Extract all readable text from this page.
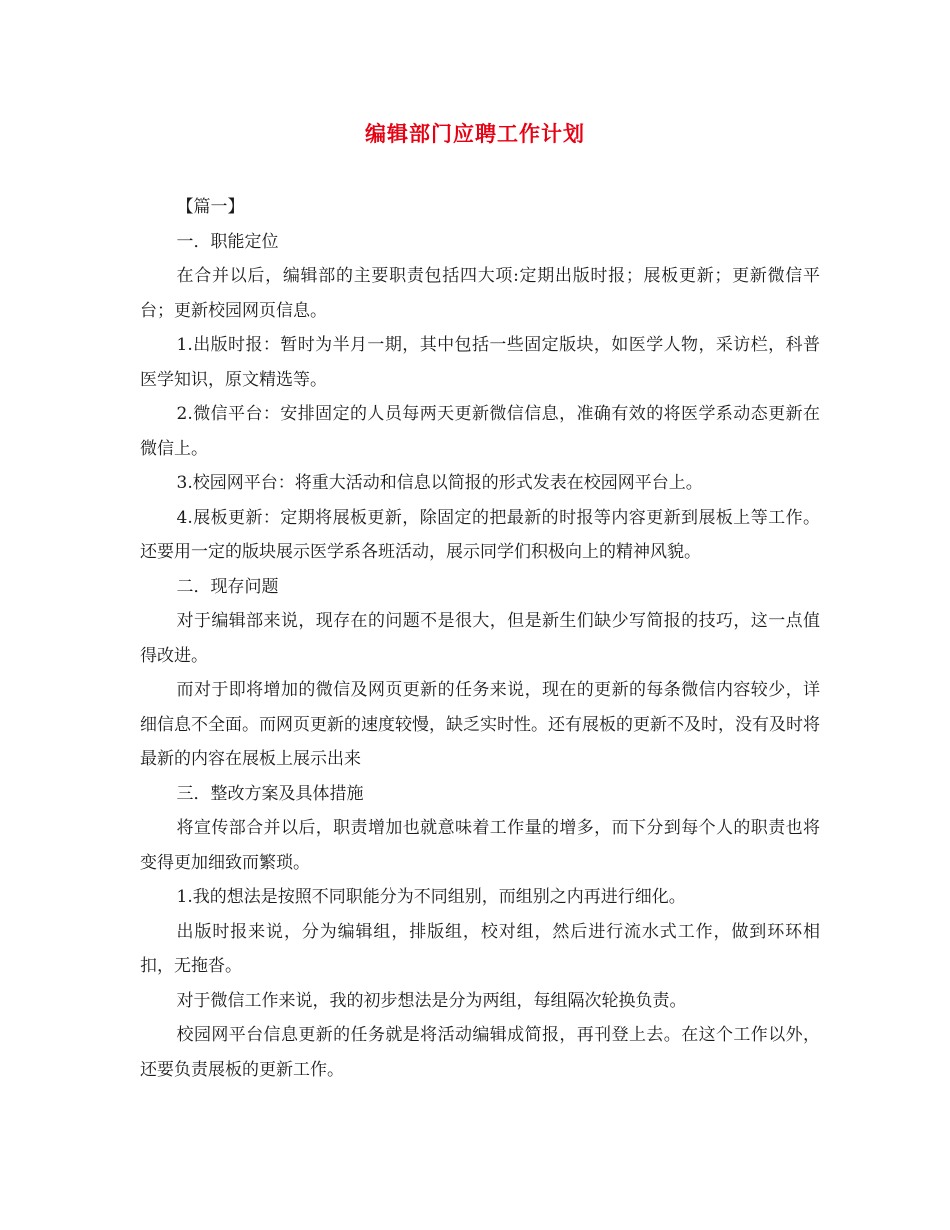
编辑部门应聘工作计划

【篇一】

一．职能定位

在合并以后，编辑部的主要职责包括四大项:定期出版时报；展板更新；更新微信平台；更新校园网页信息。

1.出版时报：暂时为半月一期，其中包括一些固定版块，如医学人物，采访栏，科普医学知识，原文精选等。

2.微信平台：安排固定的人员每两天更新微信信息，准确有效的将医学系动态更新在微信上。

3.校园网平台：将重大活动和信息以简报的形式发表在校园网平台上。

4.展板更新：定期将展板更新，除固定的把最新的时报等内容更新到展板上等工作。还要用一定的版块展示医学系各班活动，展示同学们积极向上的精神风貌。

二．现存问题

对于编辑部来说，现存在的问题不是很大，但是新生们缺少写简报的技巧，这一点值得改进。

而对于即将增加的微信及网页更新的任务来说，现在的更新的每条微信内容较少，详细信息不全面。而网页更新的速度较慢，缺乏实时性。还有展板的更新不及时，没有及时将最新的内容在展板上展示出来

三．整改方案及具体措施

将宣传部合并以后，职责增加也就意味着工作量的增多，而下分到每个人的职责也将变得更加细致而繁琐。

1.我的想法是按照不同职能分为不同组别，而组别之内再进行细化。

出版时报来说，分为编辑组，排版组，校对组，然后进行流水式工作，做到环环相扣，无拖沓。

对于微信工作来说，我的初步想法是分为两组，每组隔次轮换负责。

校园网平台信息更新的任务就是将活动编辑成简报，再刊登上去。在这个工作以外，还要负责展板的更新工作。
